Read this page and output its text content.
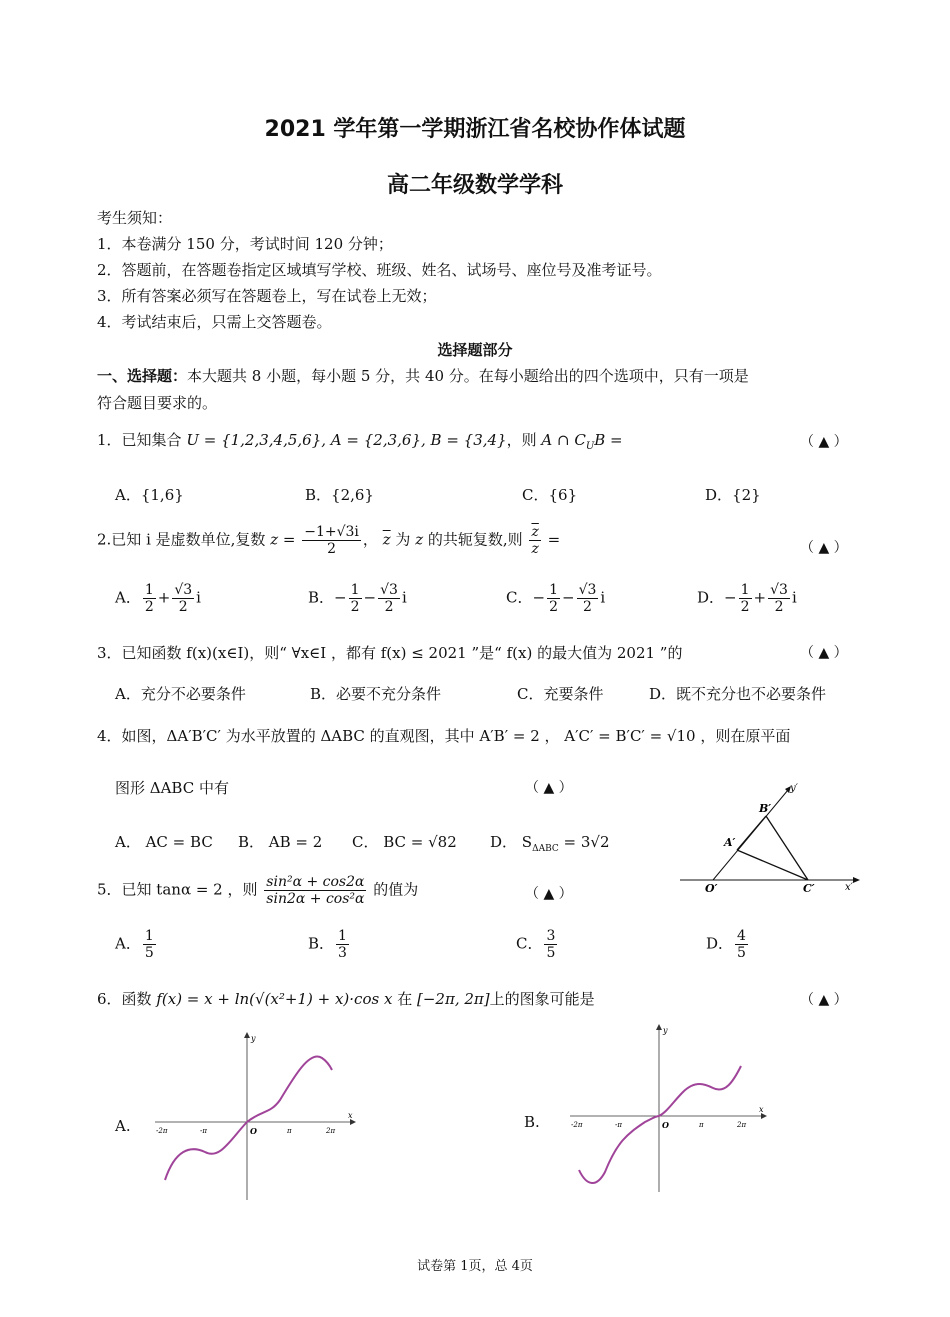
2021 学年第一学期浙江省名校协作体试题
高二年级数学学科
考生须知：
1．本卷满分 150 分，考试时间 120 分钟；
2．答题前，在答题卷指定区域填写学校、班级、姓名、试场号、座位号及准考证号。
3．所有答案必须写在答题卷上，写在试卷上无效；
4．考试结束后，只需上交答题卷。
选择题部分
一、选择题：本大题共 8 小题，每小题 5 分，共 40 分。在每小题给出的四个选项中，只有一项是
符合题目要求的。
1．已知集合 U = {1,2,3,4,5,6}, A = {2,3,6}, B = {3,4}，则 A ∩ $C_UB$ =	（ ▲ ）
A．{1,6}	B．{2,6}	C．{6}	D．{2}
2.已知 i 是虚数单位,复数 $z = \frac{-1+√3i}{2}$ ， $\overline{z}$ 为 z 的共轭复数,则 $\frac{\overline{z}}{z}$ =	（ ▲ ）
A． $\frac{1}{2} + \frac{√3}{2}$ i	B．− $\frac{1}{2} - \frac{√3}{2}$ i	C．− $\frac{1}{2} - \frac{√3}{2}$ i	D．− $\frac{1}{2} + \frac{√3}{2}$ i
3．已知函数 f(x)(x∈I)，则“ ∀x∈I ，都有 f(x) ≤ 2021 ”是“ f(x) 的最大值为 2021 ”的	（ ▲ ）
A．充分不必要条件	B．必要不充分条件	C．充要条件	D．既不充分也不必要条件
4．如图，ΔA′B′C′ 为水平放置的 ΔABC 的直观图，其中 A′B′ = 2 ， A′C′ = B′C′ = √10 ，则在原平面
图形 ΔABC 中有	（ ▲ ）
A． AC = BC B． AB = 2 C． BC = √82 D． $S_{\Delta ABC} = 3√2$
y′
B′
A′
O′	C′	x′
5．已知 tanα = 2 ，则 $\frac{\text{sin²α + cos2α}}{\text{sin2α + cos²α}}$ 的值为	（ ▲ ）
A． $\frac{1}{5}$	B． $\frac{1}{3}$	C． $\frac{3}{5}$	D． $\frac{4}{5}$
6．函数 f(x) = x + ln(√(x²+1) + x)·cos x 在 [−2π, 2π]上的图象可能是	（ ▲ ）
A.	B.
y
x
O
-2π	-π	π	2π
y
x
O
-2π	-π	π	2π
试卷第 1页，总 4页
